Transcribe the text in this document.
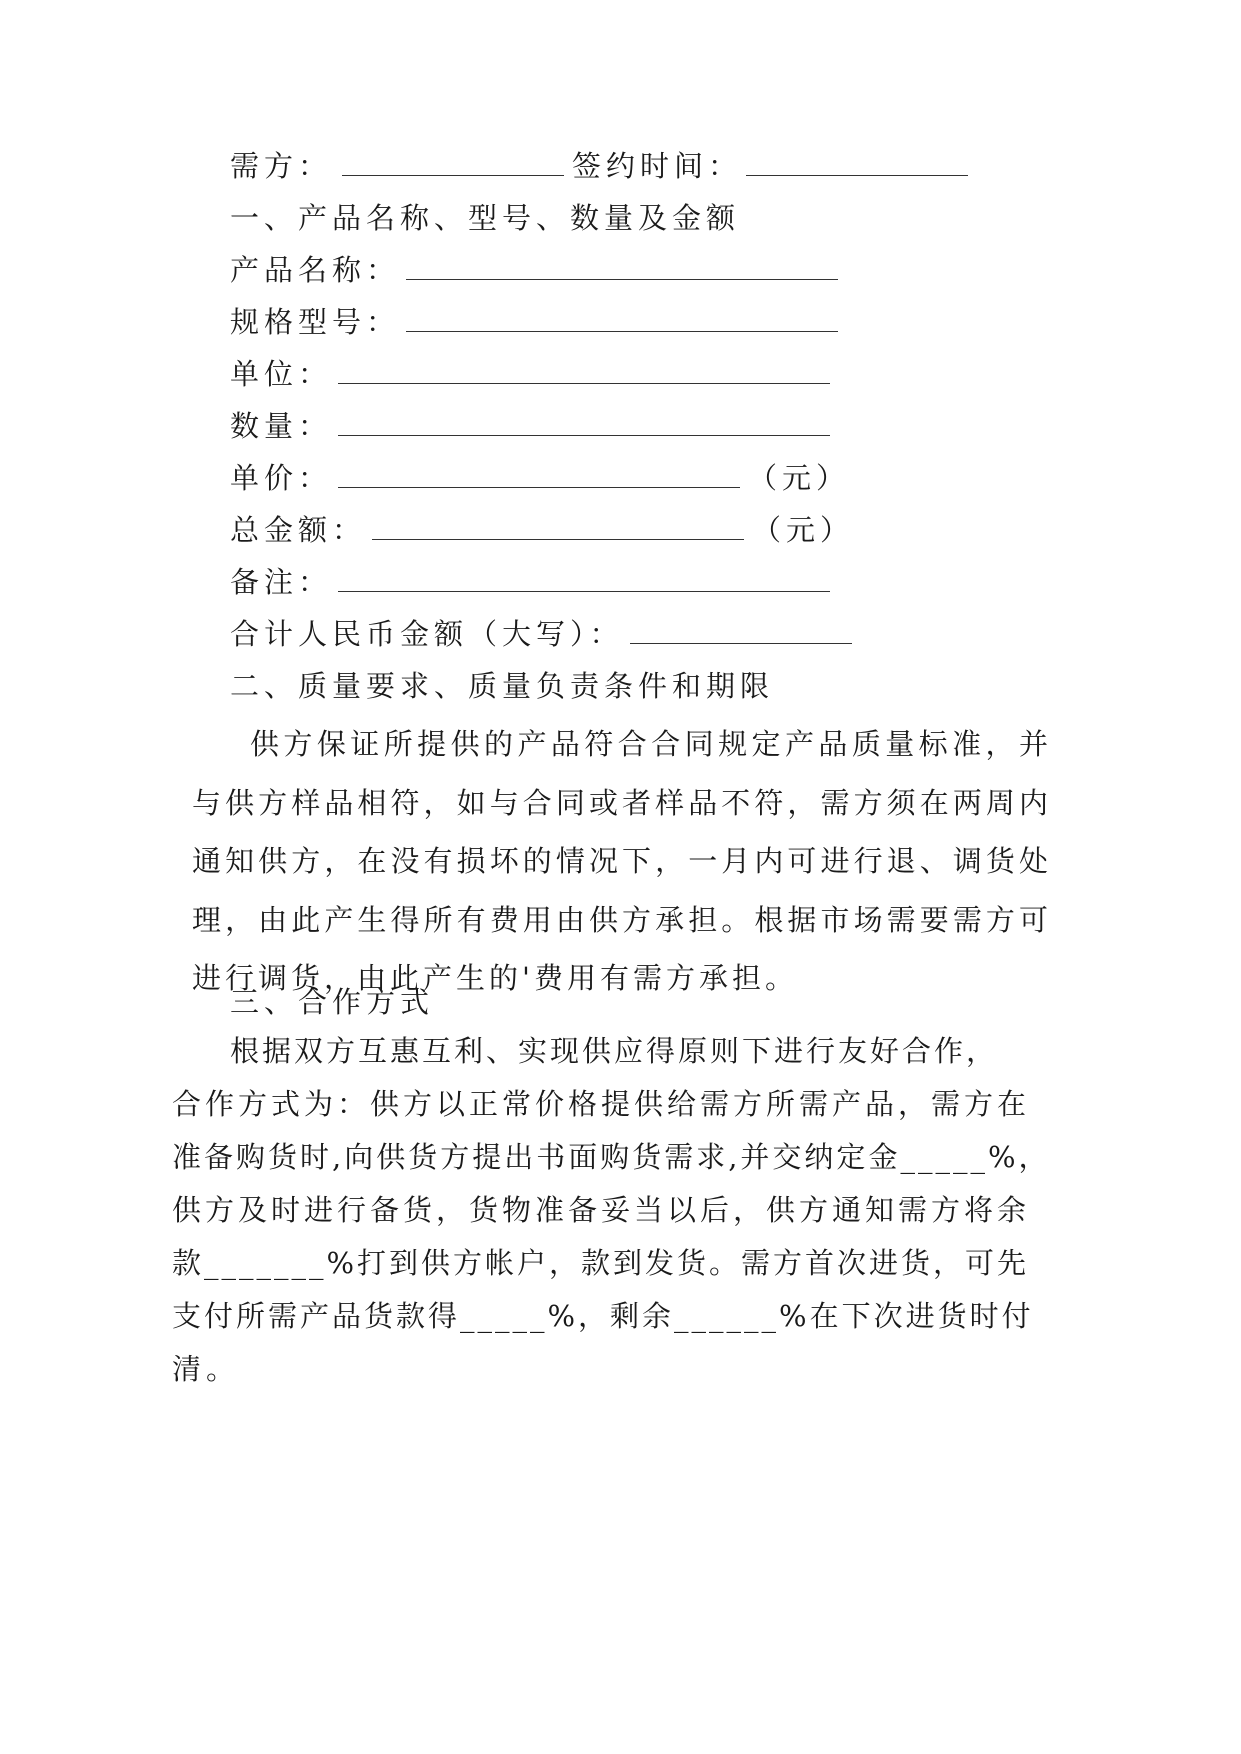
需方：	签约时间：
一、产品名称、型号、数量及金额
产品名称：
规格型号：
单位：
数量：
单价：	（元）
总金额：	（元）
备注：
合计人民币金额（大写）：
二、质量要求、质量负责条件和期限
供方保证所提供的产品符合合同规定产品质量标准，并与供方样品相符，如与合同或者样品不符，需方须在两周内通知供方，在没有损坏的情况下，一月内可进行退、调货处理，由此产生得所有费用由供方承担。根据市场需要需方可进行调货，由此产生的'费用有需方承担。
三、合作方式
根据双方互惠互利、实现供应得原则下进行友好合作，
合作方式为：供方以正常价格提供给需方所需产品，需方在
准备购货时,向供货方提出书面购货需求,并交纳定金_____%，
供方及时进行备货，货物准备妥当以后，供方通知需方将余
款_______%打到供方帐户，款到发货。需方首次进货，可先
支付所需产品货款得_____%，剩余______%在下次进货时付
清。
